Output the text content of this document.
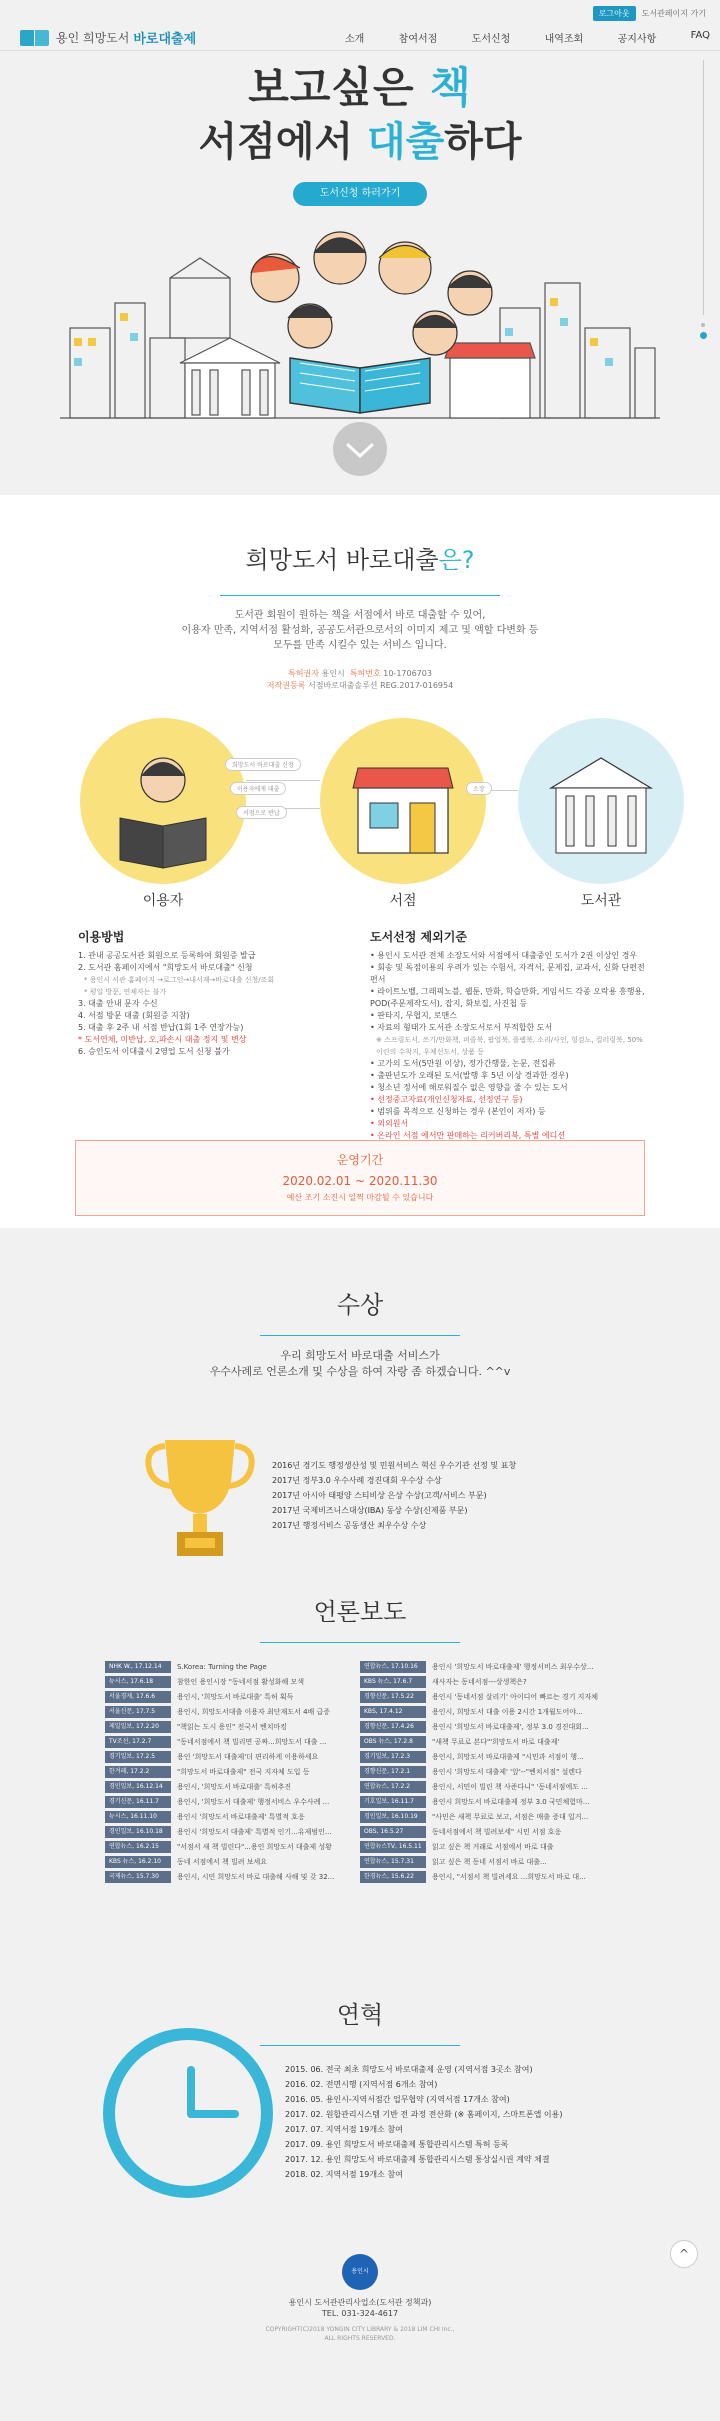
용인 희망도서 바로대출제
로그아웃	도서관페이지 가기
소개	참여서점	도서신청	내역조회	공지사항	FAQ
보고싶은 책
서점에서 대출하다
도서신청 하러가기
희망도서 바로대출은?
도서관 회원이 원하는 책을 서점에서 바로 대출할 수 있어,
이용자 만족, 지역서점 활성화, 공공도서관으로서의 이미지 제고 및 액할 다변화 등
모두를 만족 시킬수 있는 서비스 입니다.
특허권자 용인시 특허번호 10-1706703
저작권등록 서점바로대출솔루션 REG.2017-016954
이용자	서점	도서관
희망도서 바로대출 신청
이용자에게 대출
서점으로 반납
소장
이용방법
1. 관내 공공도서관 회원으로 등록하여 회원증 발급
2. 도서관 홈페이지에서 "희망도서 바로대출" 신청
* 용인시 서관 홈페이지 →로그인→내서재→바로대출 신청/조회
* 평일 방문, 연체자는 불가
3. 대출 안내 문자 수신
4. 서점 방문 대출 (회원증 지참)
5. 대출 후 2주 내 서점 반납(1회 1주 연장가능)
* 도서연체, 미반납, 오,파손시 대출 정지 및 변상
6. 승인도서 이대출시 2영업 도서 신청 불가
도서선정 제외기준
• 용인시 도서관 전체 소장도서와 서점에서 대출중인 도서가 2권 이상인 경우
• 회송 및 독점이용의 우려가 있는 수험서, 자격서, 문제집, 교과서, 신화 단편전편서
• 라이트노벨, 그래픽노블, 웹툰, 만화, 학습만화, 게임서드 각종 오락용 흥행용, POD(주문제작도서), 잡지, 화보집, 사진첩 등
• 판타지, 무협지, 로맨스
• 자료의 형태가 도서관 소장도서로서 부적합한 도서
※ 스프링도서, 쓰기/만화책, 퍼즐북, 팝업북, 플랩북, 소리/사인, 헝검노, 컬러링북, 50% 이린의 수착지, 우체선도서, 상품 등
• 고가의 도서(5만원 이상), 정가간행물, 논문, 전집류
• 출판년도가 오래된 도서(발행 후 5년 이상 경과한 경우)
• 청소년 정서에 해로워질수 없은 영향을 줄 수 있는 도서
• 선정중고자료(개인신청자료, 선정연구 등)
• 범위를 목적으로 신청하는 경우 (본인이 저자) 등
• 외외원서
• 온라인 서점 에서만 판매하는 리커버리북, 특별 에디션
운영기간
2020.02.01 ~ 2020.11.30
예산 조기 소진시 일찍 마감될 수 있습니다
수상
우리 희망도서 바로대출 서비스가
우수사례로 언론소개 및 수상을 하여 자랑 좀 하겠습니다. ^^v
2016년 경기도 행정생산성 및 민원서비스 혁신 우수기관 선정 및 표창
2017년 정부3.0 우수사례 경진대회 우수상 수상
2017년 아시아 태평양 스티비상 은상 수상(고객/서비스 부문)
2017년 국제비즈니스대상(IBA) 동상 수상(신제품 부문)
2017년 행정서비스 공동생산 최우수상 수상
언론보도
NHK W., 17.12.14	S.Korea: Turning the Page
뉴시스, 17.6.18	참한인 용인시장 "동네서점 활성화해 모색
서울경제, 17.6.6	용인시, '희망도서 바로대출' 특허 획득
서울신문, 17.7.5	용인시, 희망도서대출 이용자 최단재도서 4배 급증
제일일보, 17.2.20	"책읽는 도시 용인" 전국서 벤치마킹
TV조선, 17.2.7	"동네서점에서 책 빌리면 공짜...희망도서 대출 ...
경기일보, 17.2.5	용인 '희망도서 대출제'더 편리하게 이용하세요
한겨레, 17.2.2	"희망도서 바로대출제" 전국 지자체 도입 등
경인일보, 16.12.14	용인시, '희망도서 바로대출' 특허추진
경기신문, 16.11.7	용인시, '희망도서 대출제' 행정서비스 우수사례 ...
뉴시스, 16.11.10	용인시 '희망도서 바로대출제' 특별적 호응
경인일보, 16.10.18	용인시 '희망도서 대출제' 특별적 인기...유제범인...
연합뉴스, 16.2.15	"서점서 새 책 빌린다"...용인 희망도서 대출제 성황
KBS 뉴스, 16.2.10	동네 서점에서 책 빌려 보세요
국제뉴스, 15.7.30	용인시, 시민 희망도서 바로 대출해 사해 및 갖 32...
연합뉴스, 17.10.16	용인시 '희망도서 바로대출제' 행정서비스 최우수상...
KBS 뉴스, 17.6.7	새사자는 동네서점---상생책은?
경향신문, 17.5.22	용인시 '동네서점 살리기' 아이디어 빠르는 경기 지자체
KBS, 17.4.12	용인시, 희망도서 대출 이용 2시간 1개월도어야...
경향신문, 17.4.26	용인시 '희망도서 바로대출제', 정부 3.0 경진대회...
OBS 뉴스, 17.2.8	"새책 무료로 본다"'희망도서 바로 대출제'
경기일보, 17.2.3	용인시, 희망도서 바로대출제 "시민과 서점이 행...
경향신문, 17.2.1	용인시 '희망도서 대출제' '앞'--"벤치서점" 설렌다
연합뉴스, 17.2.2	용인시, 서민이 빌린 책 사준다니" '동네서점에도 ...
기호일보, 16.11.7	용인시 희망도서 바로대출제 정부 3.0 국민체험마...
경인일보, 16.10.19	"사민은 새책 무료로 보고, 서점은 매출 증대 일거...
OBS, 16.5.27	동네서점에서 책 빌려보세" 시민 서점 호응
연합뉴스TV, 16.5.11	읽고 싶은 책 거래로 서점에서 바로 대출
연합뉴스, 15.7.31	읽고 싶은 책 동네 서점서 바로 대출...
한경뉴스, 15.6.22	용인시, "서점서 책 빌려세요 ...희망도서 바로 대...
연혁
2015. 06. 전국 최초 희망도서 바로대출제 운영 (지역서점 3곳소 참여)
2016. 02. 전면시행 (지역서점 6개소 참여)
2016. 05. 용인시-지역서점간 업무협약 (지역서점 17개소 참여)
2017. 02. 원합관리시스템 기반 전 과정 전산화 (※ 홈페이지, 스마트폰앱 이용)
2017. 07. 지역서점 19개소 참여
2017. 09. 용인 희망도서 바로대출제 통합관리시스템 특허 등록
2017. 12. 용인 희망도서 바로대출제 통합관리시스템 통상실시권 계약 체결
2018. 02. 지역서점 19개소 참여
^
용인시
용인시 도서관관리사업소(도서관 정책과)
TEL. 031-324-4617
COPYRIGHT(C)2018 YONGIN CITY LIBRARY & 2018 LIM CHI Inc.,
ALL RIGHTS RESERVED.
